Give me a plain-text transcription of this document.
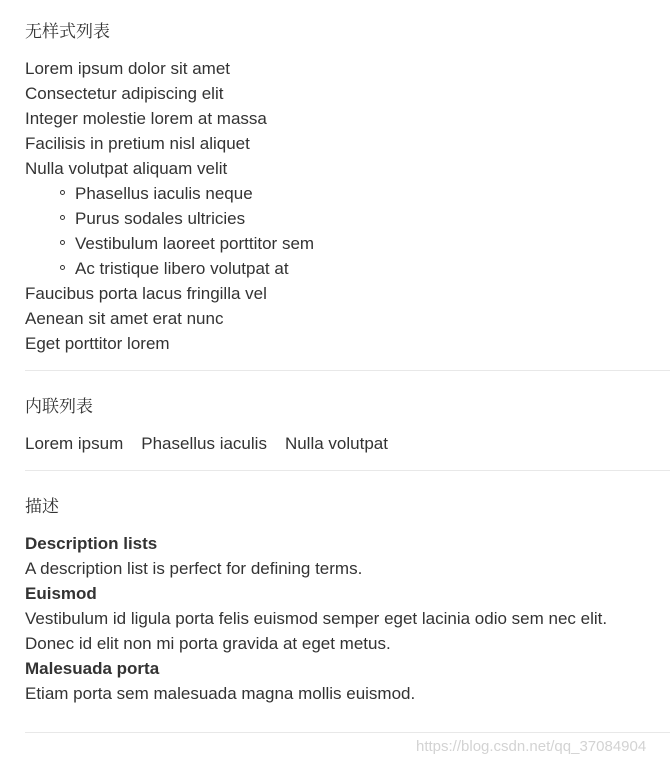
无样式列表
Lorem ipsum dolor sit amet
Consectetur adipiscing elit
Integer molestie lorem at massa
Facilisis in pretium nisl aliquet
Nulla volutpat aliquam velit
Phasellus iaculis neque
Purus sodales ultricies
Vestibulum laoreet porttitor sem
Ac tristique libero volutpat at
Faucibus porta lacus fringilla vel
Aenean sit amet erat nunc
Eget porttitor lorem
内联列表
Lorem ipsum Phasellus iaculis Nulla volutpat
描述
Description lists
A description list is perfect for defining terms.
Euismod
Vestibulum id ligula porta felis euismod semper eget lacinia odio sem nec elit.
Donec id elit non mi porta gravida at eget metus.
Malesuada porta
Etiam porta sem malesuada magna mollis euismod.
https://blog.csdn.net/qq_37084904
